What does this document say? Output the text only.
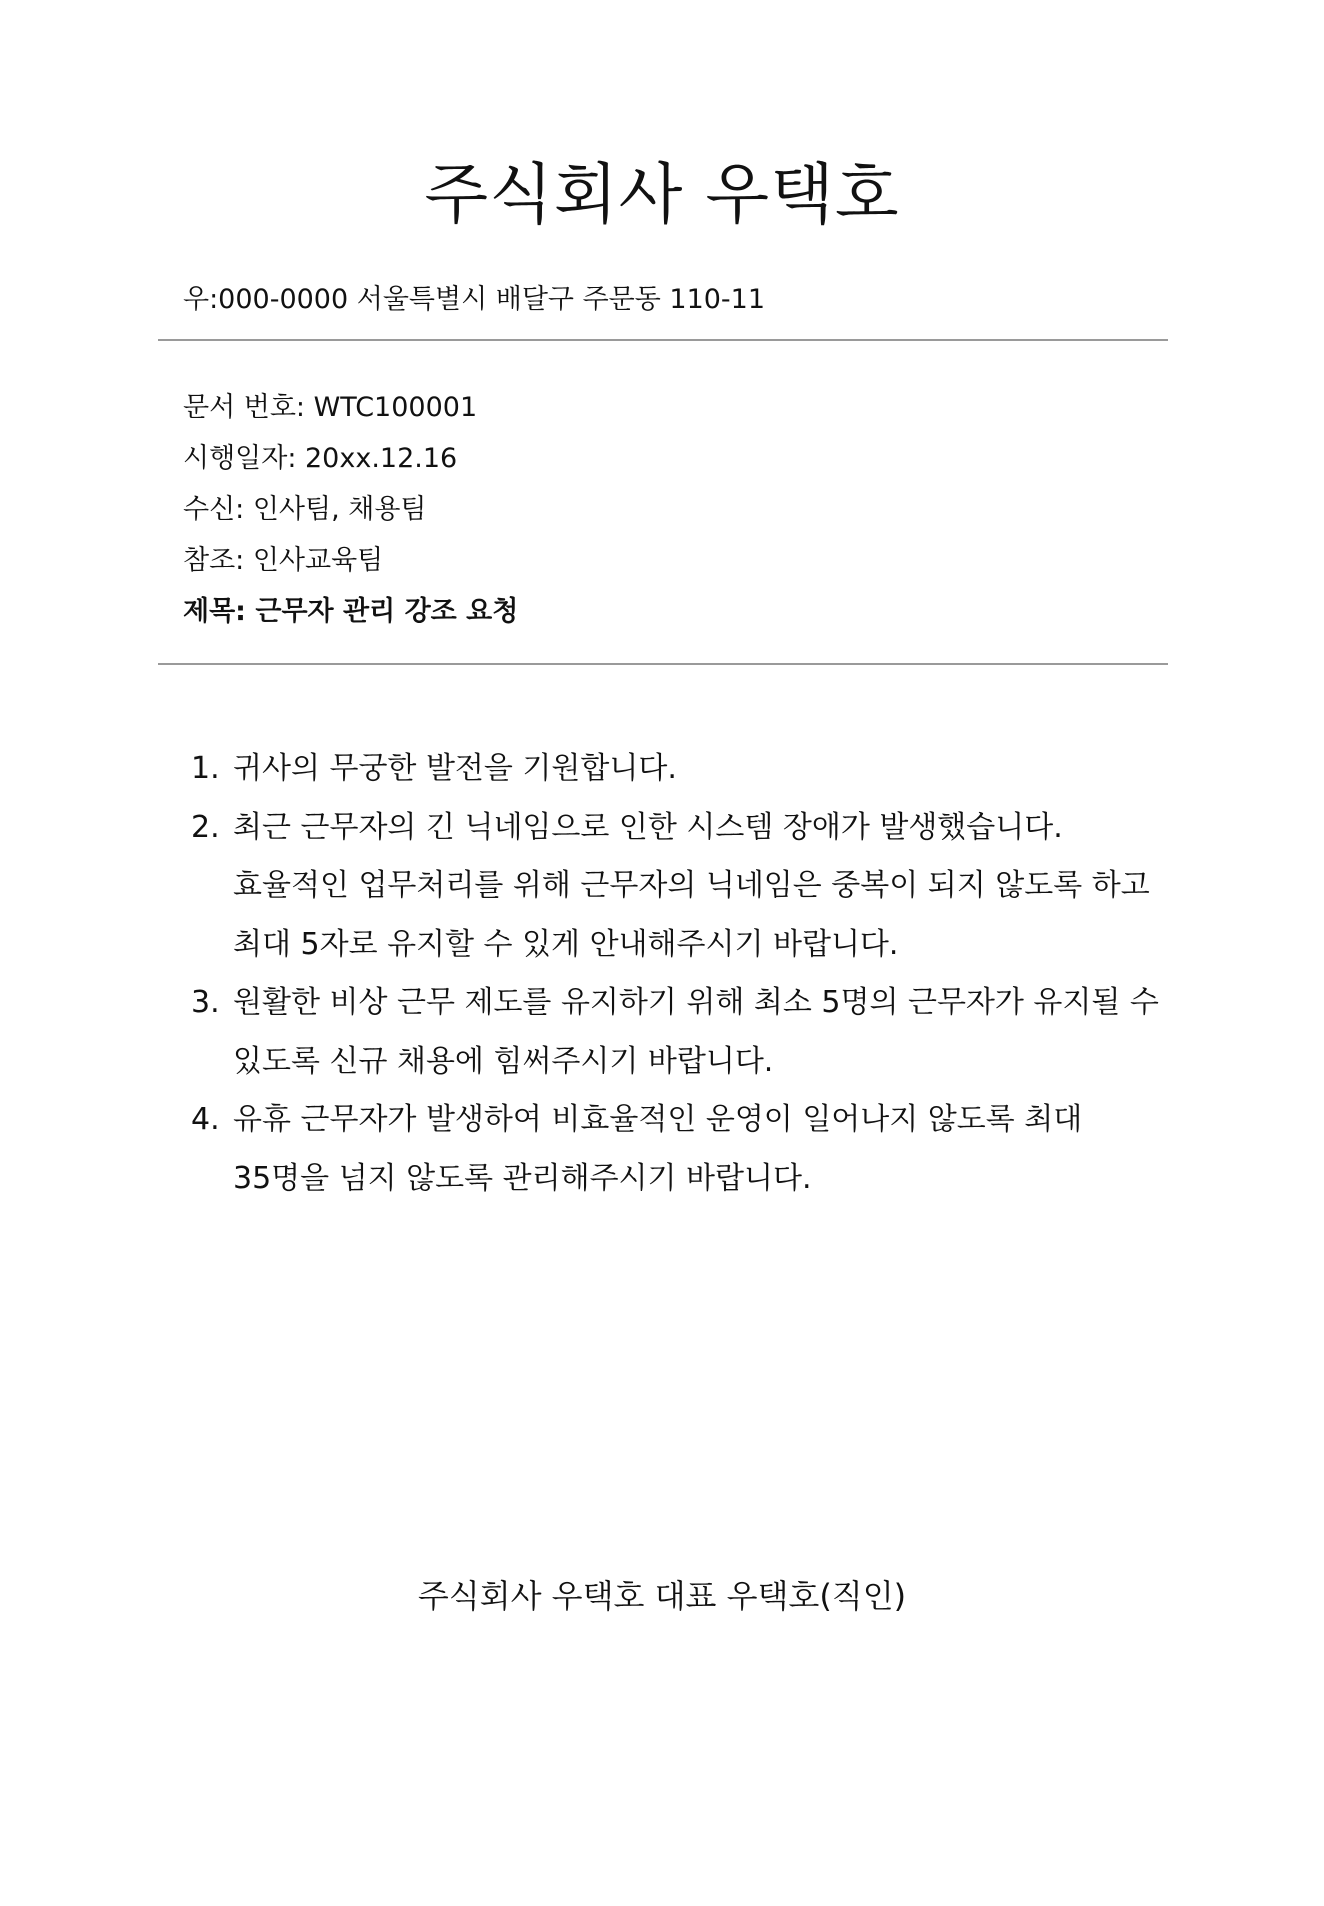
주식회사 우택호
우:000-0000 서울특별시 배달구 주문동 110-11
문서 번호: WTC100001
시행일자: 20xx.12.16
수신: 인사팀, 채용팀
참조: 인사교육팀
제목: 근무자 관리 강조 요청
1. 귀사의 무궁한 발전을 기원합니다.
2. 최근 근무자의 긴 닉네임으로 인한 시스템 장애가 발생했습니다.
효율적인 업무처리를 위해 근무자의 닉네임은 중복이 되지 않도록 하고
최대 5자로 유지할 수 있게 안내해주시기 바랍니다.
3. 원활한 비상 근무 제도를 유지하기 위해 최소 5명의 근무자가 유지될 수
있도록 신규 채용에 힘써주시기 바랍니다.
4. 유휴 근무자가 발생하여 비효율적인 운영이 일어나지 않도록 최대
35명을 넘지 않도록 관리해주시기 바랍니다.
주식회사 우택호 대표 우택호(직인)
